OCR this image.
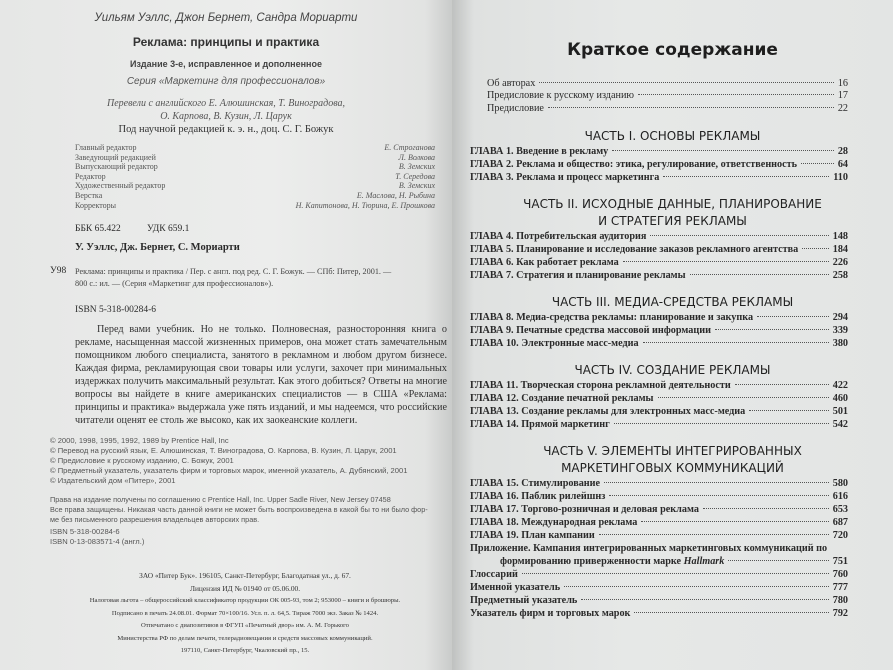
Уильям Уэллс, Джон Бернет, Сандра Мориарти
Реклама: принципы и практика
Издание 3-е, исправленное и дополненное
Серия «Маркетинг для профессионалов»
Перевели с английского Е. Алюшинская, Т. Виноградова,
О. Карпова, В. Кузин, Л. Царук
Под научной редакцией к. э. н., доц. С. Г. Божук
Главный редактор	Е. Строганова
Заведующий редакцией	Л. Волкова
Выпускающий редактор	В. Земских
Редактор	Т. Середова
Художественный редактор	В. Земских
Верстка	Е. Маслова, Н. Рыбина
Корректоры	Н. Капитонова, Н. Тюрина, Е. Прошкова
ББК 65.422	УДК 659.1
У. Уэллс, Дж. Бернет, С. Мориарти
У98 Реклама: принципы и практика / Пер. с англ. под ред. С. Г. Божук. — СПб: Питер, 2001. —
800 с.: ил. — (Серия «Маркетинг для профессионалов»).
ISBN 5-318-00284-6
Перед вами учебник. Но не только. Полновесная, разносторонняя книга о рекламе, насыщенная массой жизненных примеров, она может стать замечательным помощником любого специалиста, занятого в рекламном и любом другом бизнесе. Каждая фирма, рекламирующая свои товары или услуги, захочет при минимальных издержках получить максимальный результат. Как этого добиться? Ответы на многие вопросы вы найдете в книге американских специалистов — в США «Реклама: принципы и практика» выдержала уже пять изданий, и мы надеемся, что российские читатели оценят ее столь же высоко, как их заокеанские коллеги.
© 2000, 1998, 1995, 1992, 1989 by Prentice Hall, Inc
© Перевод на русский язык, Е. Алюшинская, Т. Виноградова, О. Карпова, В. Кузин, Л. Царук, 2001
© Предисловие к русскому изданию, С. Божук, 2001
© Предметный указатель, указатель фирм и торговых марок, именной указатель, А. Дубянский, 2001
© Издательский дом «Питер», 2001
Права на издание получены по соглашению с Prentice Hall, Inc. Upper Sadle River, New Jersey 07458
Все права защищены. Никакая часть данной книги не может быть воспроизведена в какой бы то ни было фор-
ме без письменного разрешения владельцев авторских прав.
ISBN 5-318-00284-6
ISBN 0-13-083571-4 (англ.)
ЗАО «Питер Бук». 196105, Санкт-Петербург, Благодатная ул., д. 67.
Лицензия ИД № 01940 от 05.06.00.
Налоговая льгота – общероссийский классификатор продукции ОК 005-93, том 2; 953000 – книги и брошюры.
Подписано в печать 24.08.01. Формат 70×100/16. Усл. п. л. 64,5. Тираж 7000 экз. Заказ № 1424.
Отпечатано с диапозитивов в ФГУП «Печатный двор» им. А. М. Горького
Министерства РФ по делам печати, телерадиовещания и средств массовых коммуникаций.
197110, Санкт-Петербург, Чкаловский пр., 15.
Краткое содержание
Об авторах	16
Предисловие к русскому изданию	17
Предисловие	22
ЧАСТЬ I. ОСНОВЫ РЕКЛАМЫ
ГЛАВА 1. Введение в рекламу	28
ГЛАВА 2. Реклама и общество: этика, регулирование, ответственность	64
ГЛАВА 3. Реклама и процесс маркетинга	110
ЧАСТЬ II. ИСХОДНЫЕ ДАННЫЕ, ПЛАНИРОВАНИЕ
И СТРАТЕГИЯ РЕКЛАМЫ
ГЛАВА 4. Потребительская аудитория	148
ГЛАВА 5. Планирование и исследование заказов рекламного агентства	184
ГЛАВА 6. Как работает реклама	226
ГЛАВА 7. Стратегия и планирование рекламы	258
ЧАСТЬ III. МЕДИА-СРЕДСТВА РЕКЛАМЫ
ГЛАВА 8. Медиа-средства рекламы: планирование и закупка	294
ГЛАВА 9. Печатные средства массовой информации	339
ГЛАВА 10. Электронные масс-медиа	380
ЧАСТЬ IV. СОЗДАНИЕ РЕКЛАМЫ
ГЛАВА 11. Творческая сторона рекламной деятельности	422
ГЛАВА 12. Создание печатной рекламы	460
ГЛАВА 13. Создание рекламы для электронных масс-медиа	501
ГЛАВА 14. Прямой маркетинг	542
ЧАСТЬ V. ЭЛЕМЕНТЫ ИНТЕГРИРОВАННЫХ
МАРКЕТИНГОВЫХ КОММУНИКАЦИЙ
ГЛАВА 15. Стимулирование	580
ГЛАВА 16. Паблик рилейшнз	616
ГЛАВА 17. Торгово-розничная и деловая реклама	653
ГЛАВА 18. Международная реклама	687
ГЛАВА 19. План кампании	720
Приложение. Кампания интегрированных маркетинговых коммуникаций по
формированию приверженности марке Hallmark	751
Глоссарий	760
Именной указатель	777
Предметный указатель	780
Указатель фирм и торговых марок	792
